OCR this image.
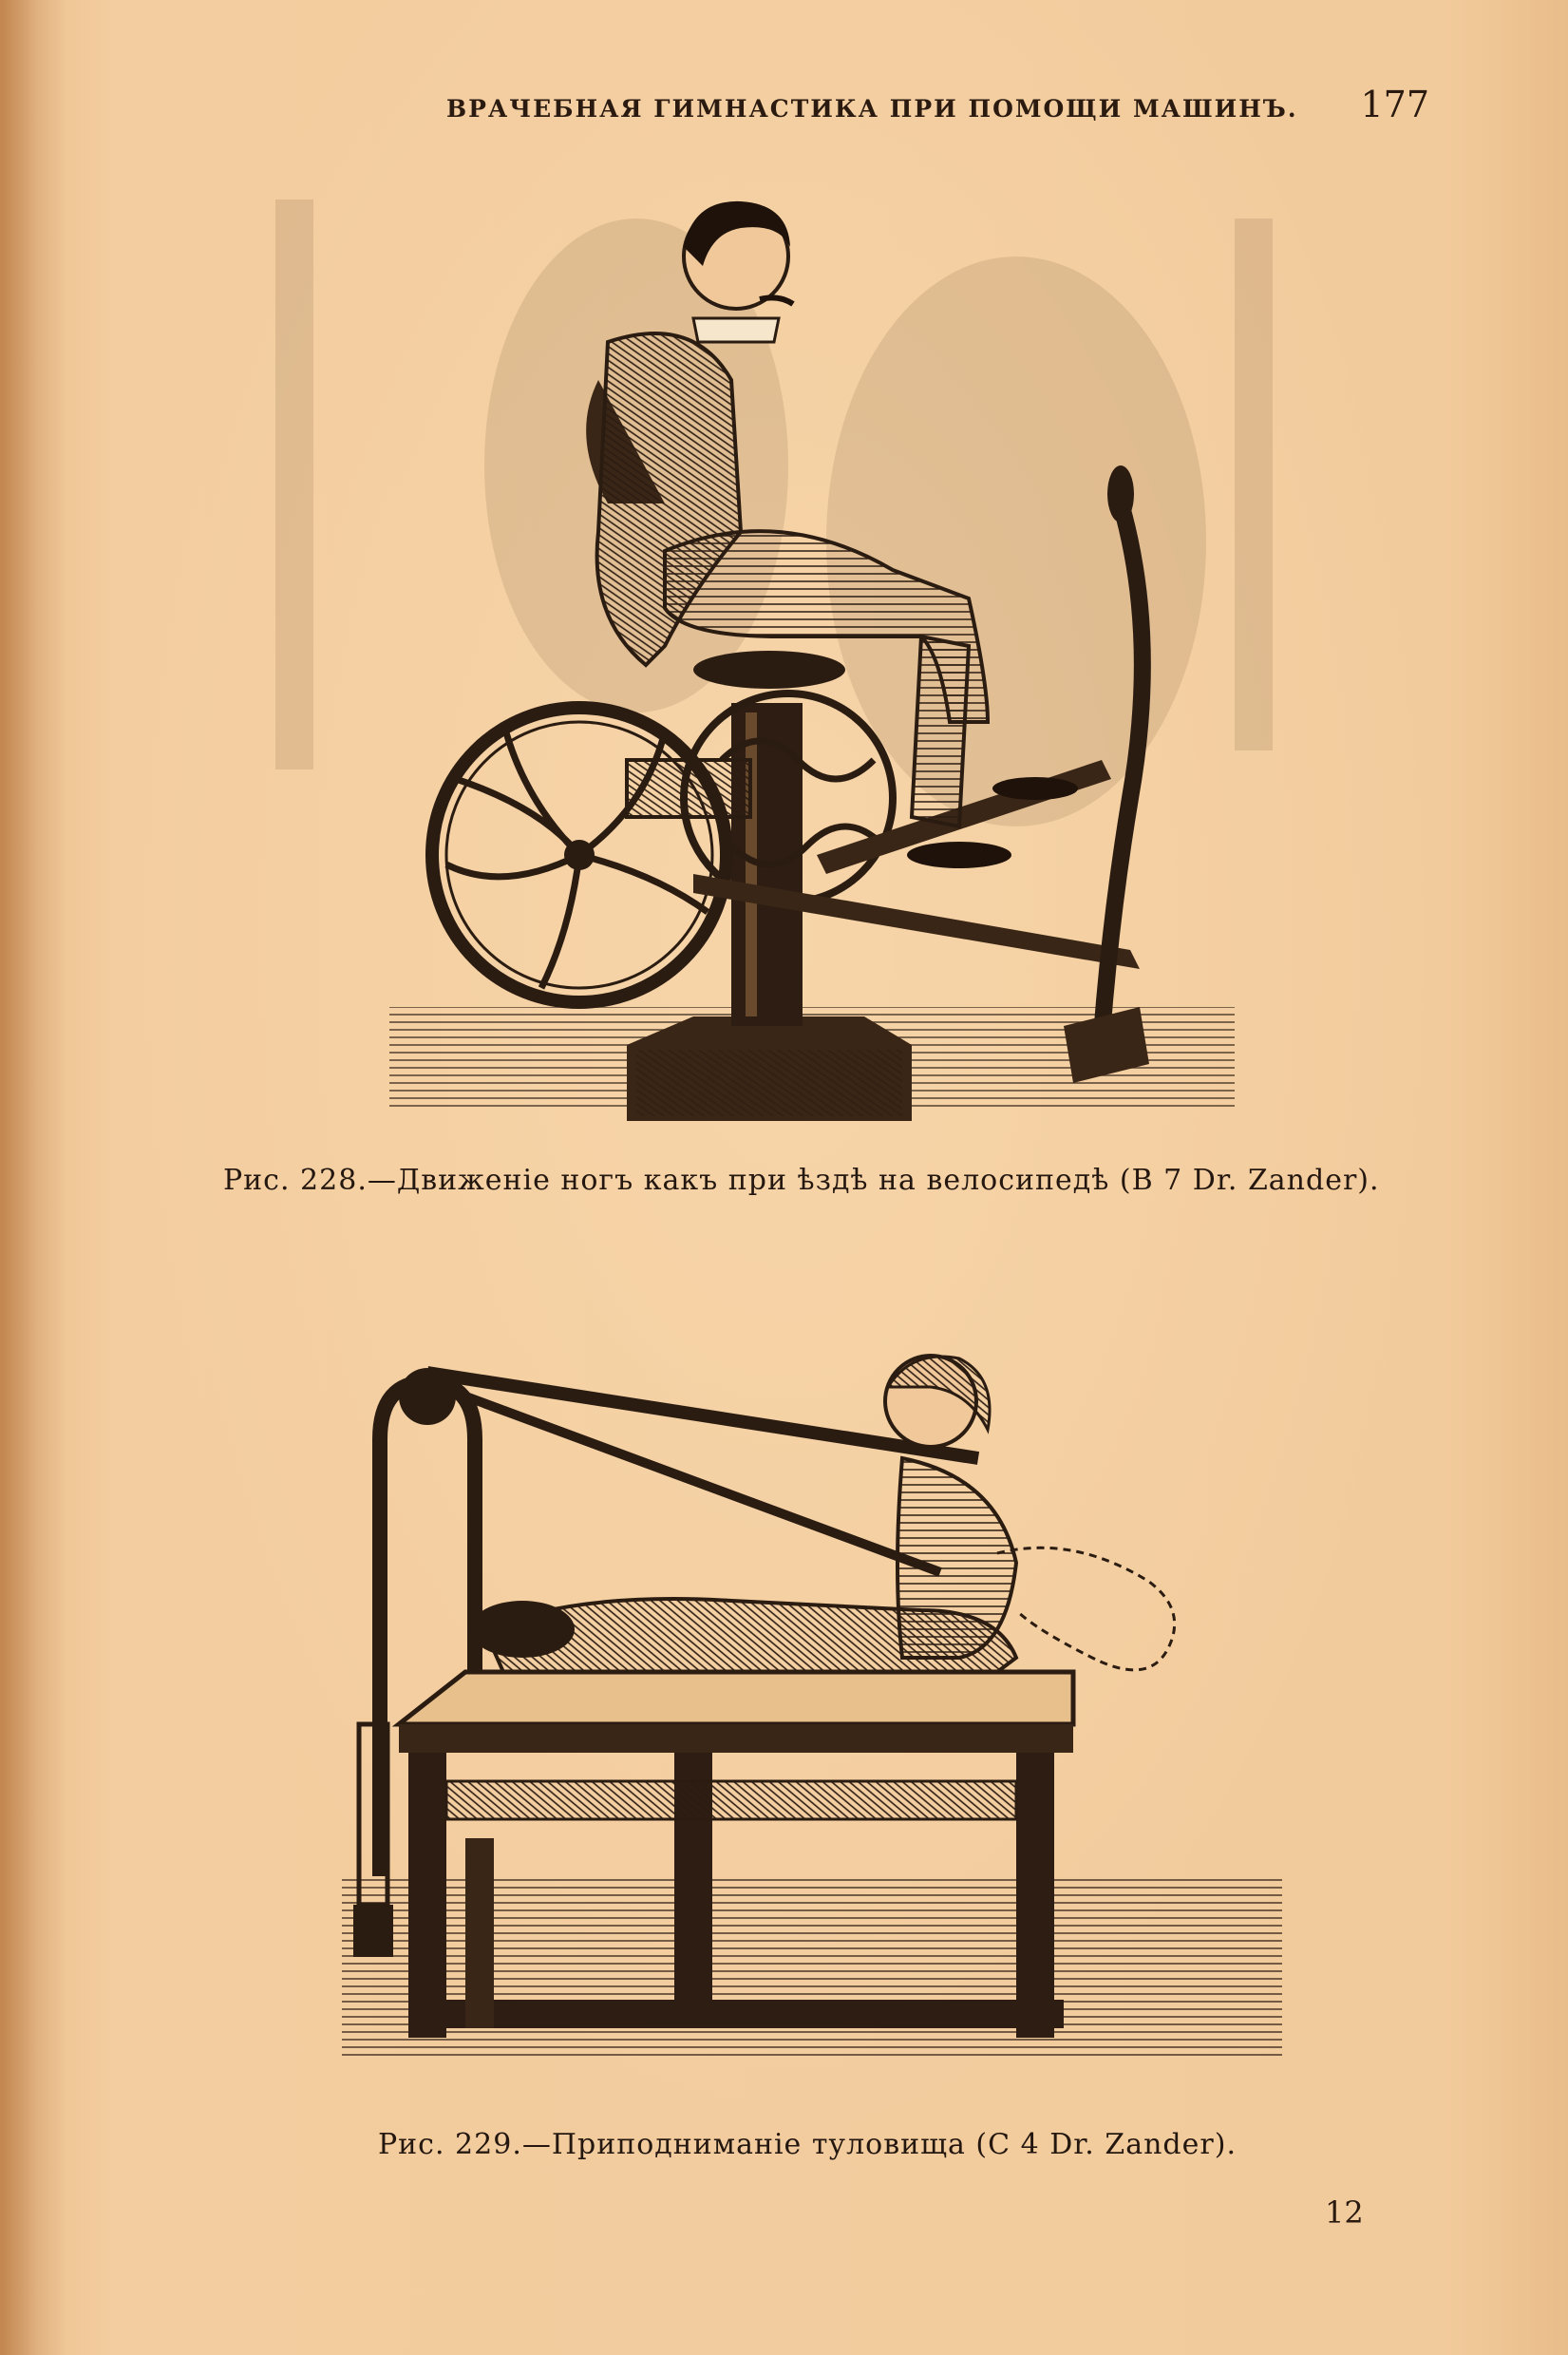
ВРАЧЕБНАЯ ГИМНАСТИКА ПРИ ПОМОЩИ МАШИНЪ. 177
Рис. 228.—Движеніе ногъ какъ при ѣздѣ на велосипедѣ (В 7 Dr. Zander).
Рис. 229.—Приподниманіе туловища (С 4 Dr. Zander).
12
